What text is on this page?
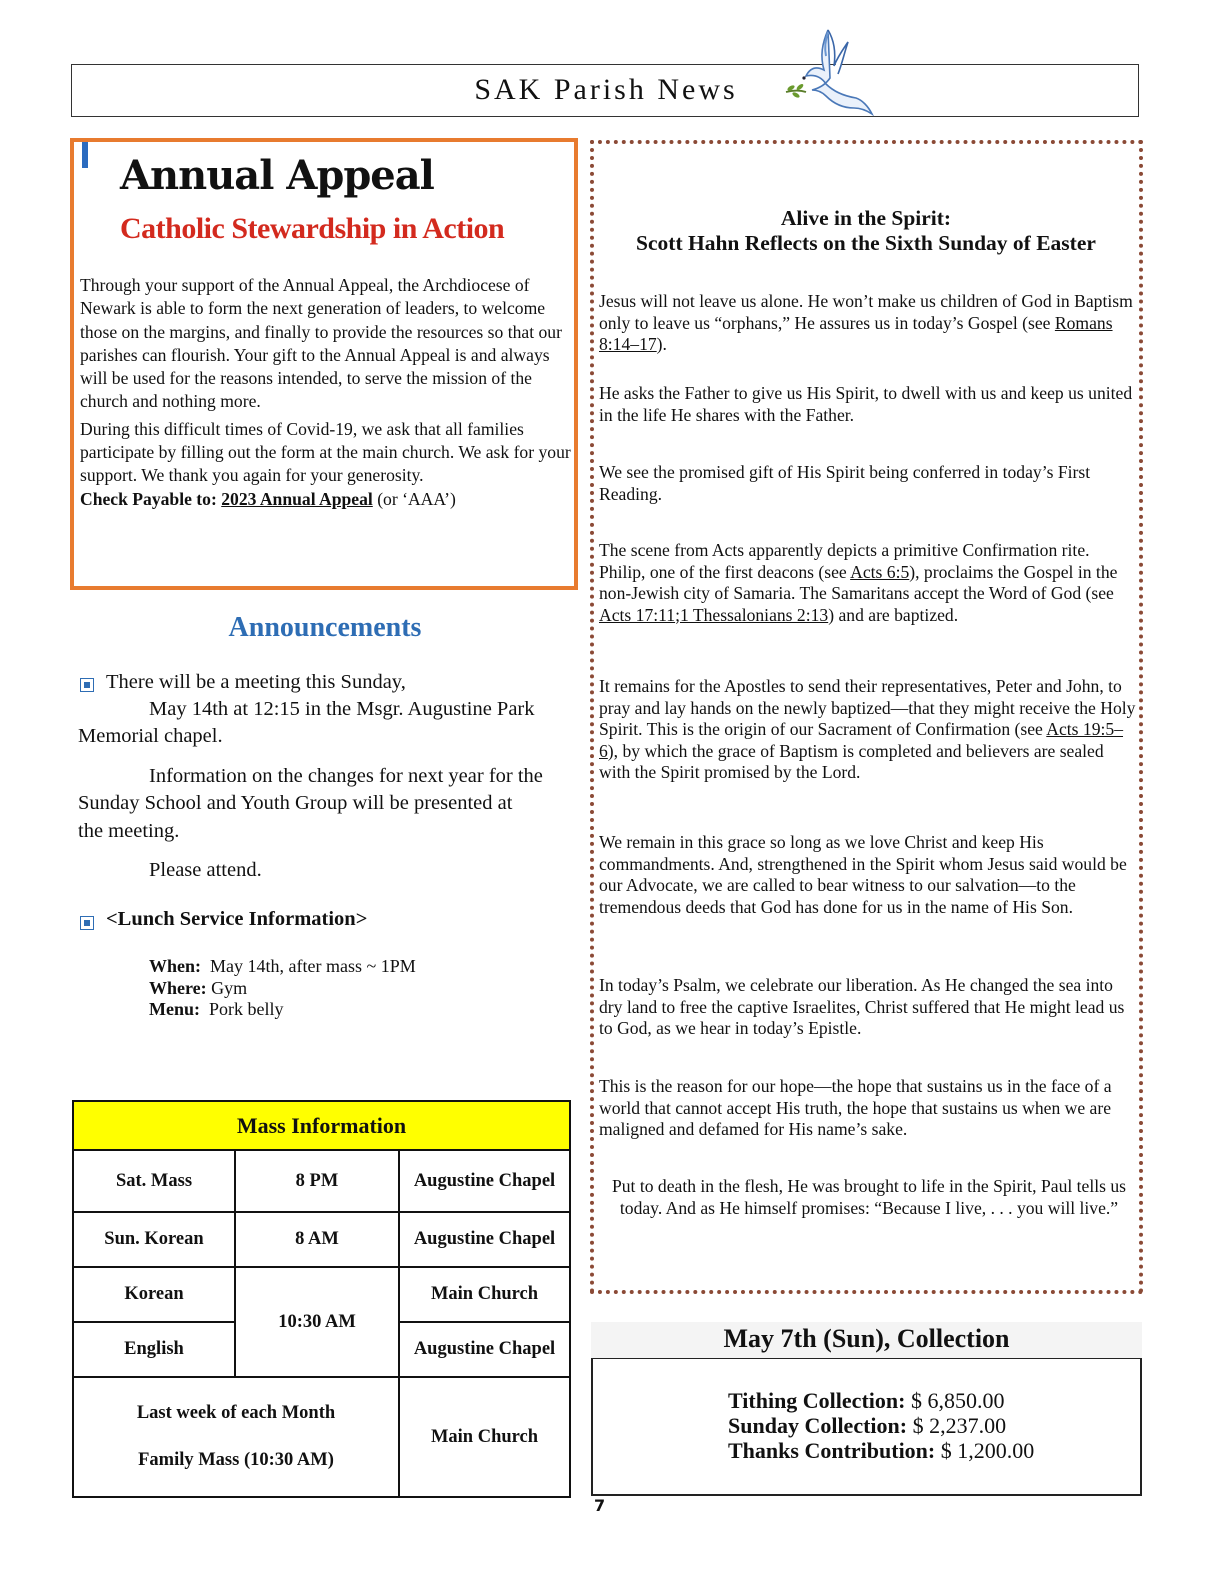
SAK Parish News
Annual Appeal
Catholic Stewardship in Action

Through your support of the Annual Appeal, the Archdiocese of Newark is able to form the next generation of leaders, to welcome those on the margins, and finally to provide the resources so that our parishes can flourish. Your gift to the Annual Appeal is and always will be used for the reasons intended, to serve the mission of the church and nothing more.

During this difficult times of Covid-19, we ask that all families participate by filling out the form at the main church. We ask for your support. We thank you again for your generosity.

Check Payable to: 2023 Annual Appeal (or ‘AAA’)

Announcements
There will be a meeting this Sunday,
May 14th at 12:15 in the Msgr. Augustine Park
Memorial chapel.
Information on the changes for next year for the
Sunday School and Youth Group will be presented at
the meeting.
Please attend.
<Lunch Service Information>
When: May 14th, after mass ~ 1PM
Where: Gym
Menu: Pork belly
Mass Information		
Sat. Mass	8 PM	Augustine Chapel
Sun. Korean	8 AM	Augustine Chapel
Korean	10:30 AM	Main Church
English		Augustine Chapel

Last week of each Month
Family Mass (10:30 AM)		Main Church
Alive in the Spirit:
Scott Hahn Reflects on the Sixth Sunday of Easter
Jesus will not leave us alone. He won’t make us children of God in Baptism only to leave us “orphans,” He assures us in today’s Gospel (see Romans 8:14–17).
He asks the Father to give us His Spirit, to dwell with us and keep us united in the life He shares with the Father.
We see the promised gift of His Spirit being conferred in today’s First Reading.
The scene from Acts apparently depicts a primitive Confirmation rite. Philip, one of the first deacons (see Acts 6:5), proclaims the Gospel in the non-Jewish city of Samaria. The Samaritans accept the Word of God (see Acts 17:11;1 Thessalonians 2:13) and are baptized.
It remains for the Apostles to send their representatives, Peter and John, to pray and lay hands on the newly baptized—that they might receive the Holy Spirit. This is the origin of our Sacrament of Confirmation (see Acts 19:5–6), by which the grace of Baptism is completed and believers are sealed with the Spirit promised by the Lord.
We remain in this grace so long as we love Christ and keep His commandments. And, strengthened in the Spirit whom Jesus said would be our Advocate, we are called to bear witness to our salvation—to the tremendous deeds that God has done for us in the name of His Son.
In today’s Psalm, we celebrate our liberation. As He changed the sea into dry land to free the captive Israelites, Christ suffered that He might lead us to God, as we hear in today’s Epistle.
This is the reason for our hope—the hope that sustains us in the face of a world that cannot accept His truth, the hope that sustains us when we are maligned and defamed for His name’s sake.
Put to death in the flesh, He was brought to life in the Spirit, Paul tells us today. And as He himself promises: “Because I live, . . . you will live.”
May 7th (Sun), Collection
Tithing Collection: $ 6,850.00
Sunday Collection: $ 2,237.00
Thanks Contribution: $ 1,200.00
7
